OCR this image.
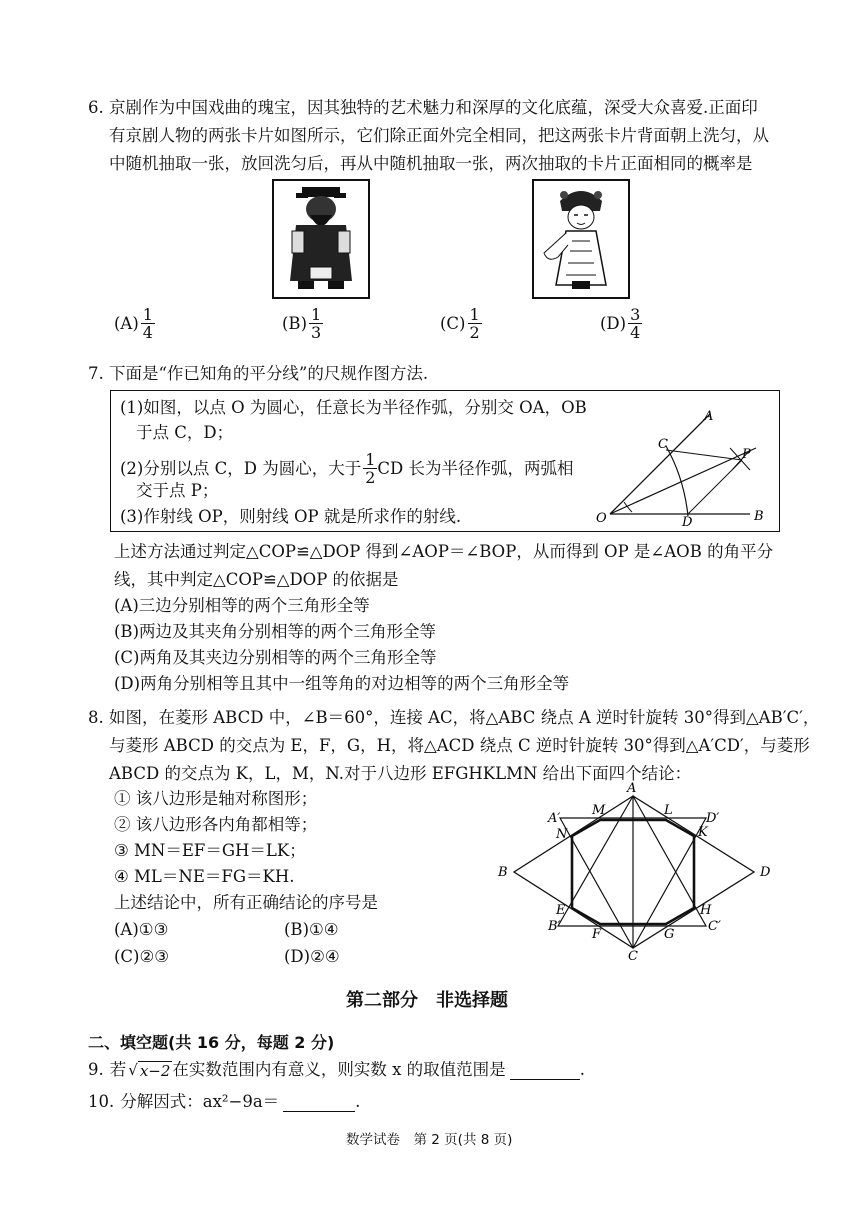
6. 京剧作为中国戏曲的瑰宝，因其独特的艺术魅力和深厚的文化底蕴，深受大众喜爱.正面印
有京剧人物的两张卡片如图所示，它们除正面外完全相同，把这两张卡片背面朝上洗匀，从
中随机抽取一张，放回洗匀后，再从中随机抽取一张，两次抽取的卡片正面相同的概率是
$(A) \frac{1}{4}$	$(B) \frac{1}{3}$	$(C) \frac{1}{2}$	$(D) \frac{3}{4}$
7. 下面是“作已知角的平分线”的尺规作图方法.
(1)如图，以点 O 为圆心，任意长为半径作弧，分别交 OA，OB
于点 C，D；
(2)分别以点 C，D 为圆心，大于 $\frac{1}{2}$ CD 长为半径作弧，两弧相
交于点 P；
(3)作射线 OP，则射线 OP 就是所求作的射线.
A
C
P
O	D	B
上述方法通过判定△COP≌△DOP 得到∠AOP＝∠BOP，从而得到 OP 是∠AOB 的角平分
线，其中判定△COP≌△DOP 的依据是
(A)三边分别相等的两个三角形全等
(B)两边及其夹角分别相等的两个三角形全等
(C)两角及其夹边分别相等的两个三角形全等
(D)两角分别相等且其中一组等角的对边相等的两个三角形全等
8. 如图，在菱形 ABCD 中，∠B＝60°，连接 AC，将△ABC 绕点 A 逆时针旋转 30°得到△AB′C′，
与菱形 ABCD 的交点为 E，F，G，H，将△ACD 绕点 C 逆时针旋转 30°得到△A′CD′，与菱形
ABCD 的交点为 K，L，M，N.对于八边形 EFGHKLMN 给出下面四个结论：
① 该八边形是轴对称图形；
② 该八边形各内角都相等；
③ MN＝EF＝GH＝LK；
④ ML＝NE＝FG＝KH.
上述结论中，所有正确结论的序号是
(A)①③	(B)①④
(C)②③	(D)②④
A
M	L
A′	D′
N	K
B	D
E	H
B′	C′
F	G
C
第二部分　非选择题
二、填空题(共 16 分，每题 2 分)
9. 若 √ x−2 在实数范围内有意义，则实数 x 的取值范围是	.
10. 分解因式：ax²−9a＝	.
数学试卷　第 2 页(共 8 页)
